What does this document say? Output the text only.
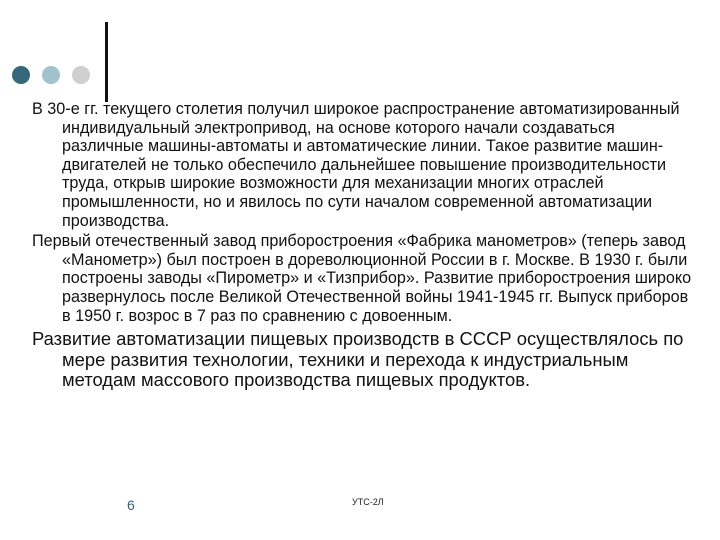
В 30-е гг. текущего столетия получил широкое распространение автоматизированный индивидуальный электропривод, на основе которого начали создаваться различные машины-автоматы и автоматические линии. Такое развитие машин-двигателей не только обеспечило дальнейшее повышение производительности труда, открыв широкие возможности для механизации многих отраслей промышленности, но и явилось по сути началом современной автоматизации производства.

Первый отечественный завод приборостроения «Фабрика манометров» (теперь завод «Манометр») был построен в дореволюционной России в г. Москве. В 1930 г. были построены заводы «Пирометр» и «Тизприбор». Развитие приборостроения широко развернулось после Великой Отечественной войны 1941-1945 гг. Выпуск приборов в 1950 г. возрос в 7 раз по сравнению с довоенным.

Развитие автоматизации пищевых производств в СССР осуществлялось по мере развития технологии, техники и перехода к индустриальным методам массового производства пищевых продуктов.

6	УТС-2Л
